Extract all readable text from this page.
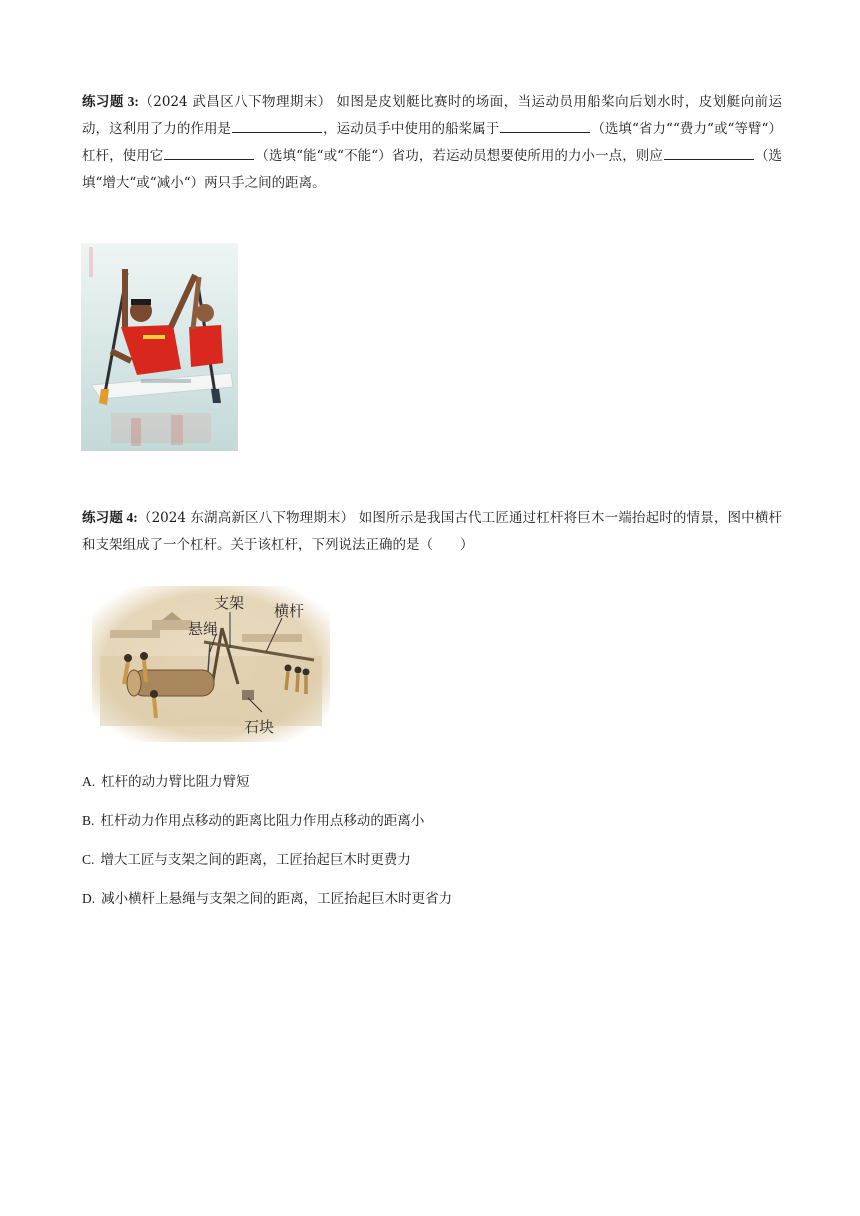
练习题 3:（2024 武昌区八下物理期末） 如图是皮划艇比赛时的场面，当运动员用船桨向后划水时，皮划艇向前运动，这利用了力的作用是	，运动员手中使用的船桨属于	（选填“省力““费力“或“等臂“）杠杆，使用它	（选填“能“或“不能“）省功，若运动员想要使所用的力小一点，则应	（选填“增大“或“减小“）两只手之间的距离。
练习题 4:（2024 东湖高新区八下物理期末） 如图所示是我国古代工匠通过杠杆将巨木一端抬起时的情景，图中横杆和支架组成了一个杠杆。关于该杠杆，下列说法正确的是（　　）
支架
悬绳
横杆
石块
A. 杠杆的动力臂比阻力臂短
B. 杠杆动力作用点移动的距离比阻力作用点移动的距离小
C. 增大工匠与支架之间的距离，工匠抬起巨木时更费力
D. 减小横杆上悬绳与支架之间的距离，工匠抬起巨木时更省力
